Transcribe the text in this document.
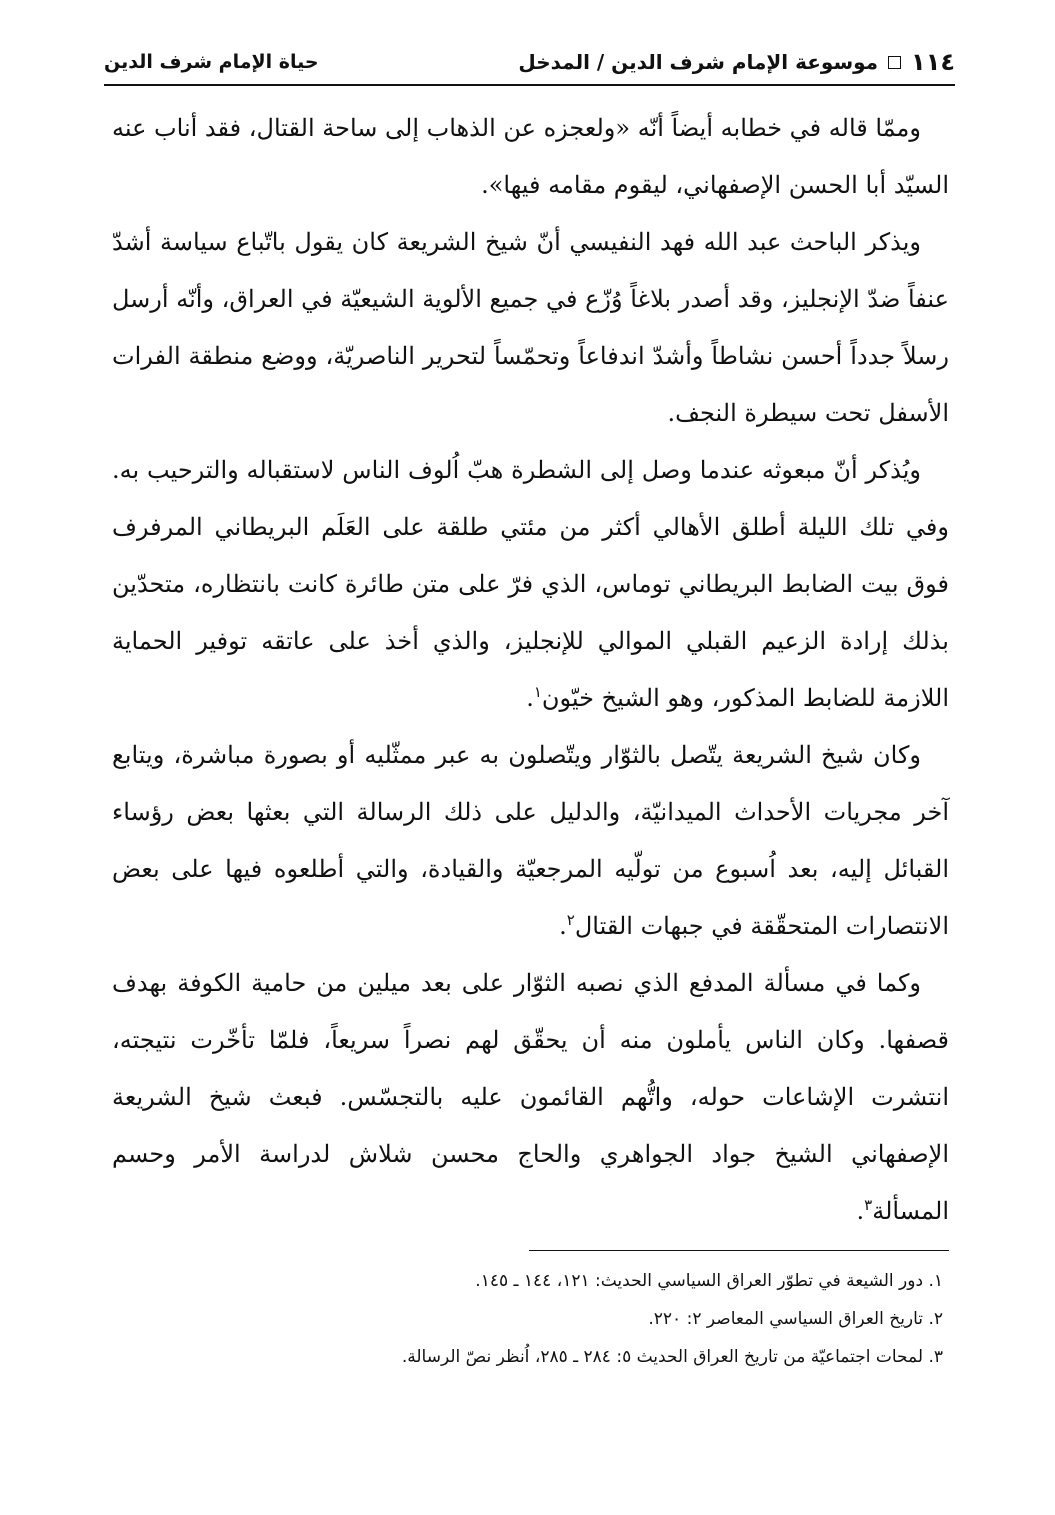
١١٤
موسوعة الإمام شرف الدين / المدخل
حياة الإمام شرف الدين

وممّا قاله في خطابه أيضاً أنّه «ولعجزه عن الذهاب إلى ساحة القتال، فقد أناب عنه السيّد أبا الحسن الإصفهاني، ليقوم مقامه فيها».

ويذكر الباحث عبد الله فهد النفيسي أنّ شيخ الشريعة كان يقول باتّباع سياسة أشدّ عنفاً ضدّ الإنجليز، وقد أصدر بلاغاً وُزّع في جميع الألوية الشيعيّة في العراق، وأنّه أرسل رسلاً جدداً أحسن نشاطاً وأشدّ اندفاعاً وتحمّساً لتحرير الناصريّة، ووضع منطقة الفرات الأسفل تحت سيطرة النجف.

ويُذكر أنّ مبعوثه عندما وصل إلى الشطرة هبّ اُلوف الناس لاستقباله والترحيب به. وفي تلك الليلة أطلق الأهالي أكثر من مئتي طلقة على العَلَم البريطاني المرفرف فوق بيت الضابط البريطاني توماس، الذي فرّ على متن طائرة كانت بانتظاره، متحدّين بذلك إرادة الزعيم القبلي الموالي للإنجليز، والذي أخذ على عاتقه توفير الحماية اللازمة للضابط المذكور، وهو الشيخ خيّون$^١$.

وكان شيخ الشريعة يتّصل بالثوّار ويتّصلون به عبر ممثّليه أو بصورة مباشرة، ويتابع آخر مجريات الأحداث الميدانيّة، والدليل على ذلك الرسالة التي بعثها بعض رؤساء القبائل إليه، بعد اُسبوع من تولّيه المرجعيّة والقيادة، والتي أطلعوه فيها على بعض الانتصارات المتحقّقة في جبهات القتال$^٢$.

وكما في مسألة المدفع الذي نصبه الثوّار على بعد ميلين من حامية الكوفة بهدف قصفها. وكان الناس يأملون منه أن يحقّق لهم نصراً سريعاً، فلمّا تأخّرت نتيجته، انتشرت الإشاعات حوله، واتُّهم القائمون عليه بالتجسّس. فبعث شيخ الشريعة الإصفهاني الشيخ جواد الجواهري والحاج محسن شلاش لدراسة الأمر وحسم المسألة$^٣$.

١. دور الشيعة في تطوّر العراق السياسي الحديث: ١٢١، ١٤٤ ـ ١٤٥.
٢. تاريخ العراق السياسي المعاصر ٢: ٢٢٠.
٣. لمحات اجتماعيّة من تاريخ العراق الحديث ٥: ٢٨٤ ـ ٢٨٥، اُنظر نصّ الرسالة.
